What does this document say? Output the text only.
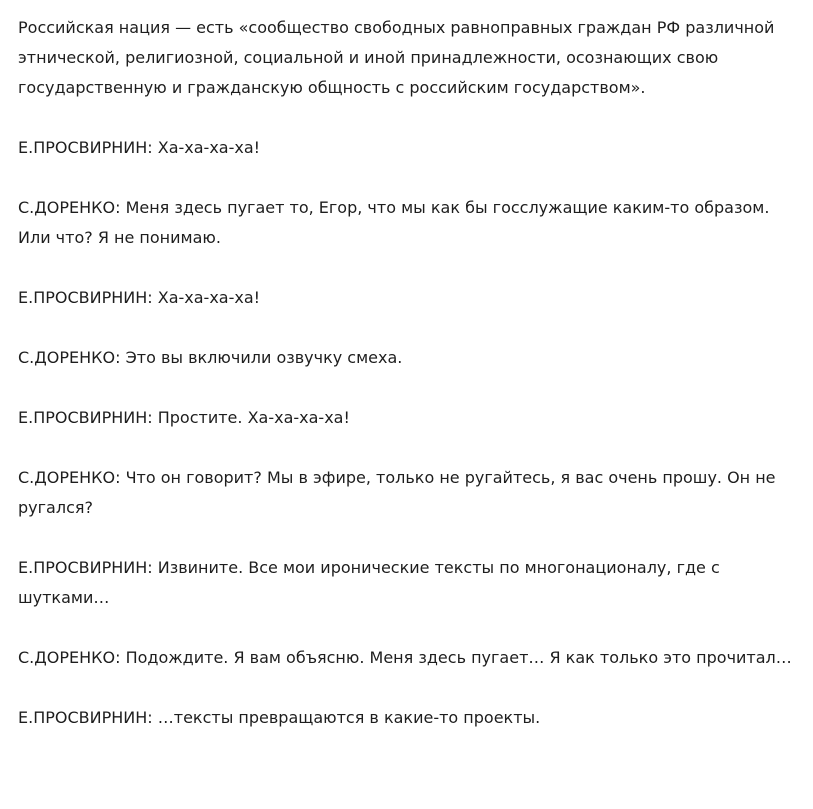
Российская нация — есть «сообщество свободных равноправных граждан РФ различной этнической, религиозной, социальной и иной принадлежности, осознающих свою государственную и гражданскую общность с российским государством».

Е.ПРОСВИРНИН: Ха-ха-ха-ха!

С.ДОРЕНКО: Меня здесь пугает то, Егор, что мы как бы госслужащие каким-то образом. Или что? Я не понимаю.

Е.ПРОСВИРНИН: Ха-ха-ха-ха!

С.ДОРЕНКО: Это вы включили озвучку смеха.

Е.ПРОСВИРНИН: Простите. Ха-ха-ха-ха!

С.ДОРЕНКО: Что он говорит? Мы в эфире, только не ругайтесь, я вас очень прошу. Он не ругался?

Е.ПРОСВИРНИН: Извините. Все мои иронические тексты по многонационалу, где с шутками…

С.ДОРЕНКО: Подождите. Я вам объясню. Меня здесь пугает… Я как только это прочитал…

Е.ПРОСВИРНИН: …тексты превращаются в какие-то проекты.
